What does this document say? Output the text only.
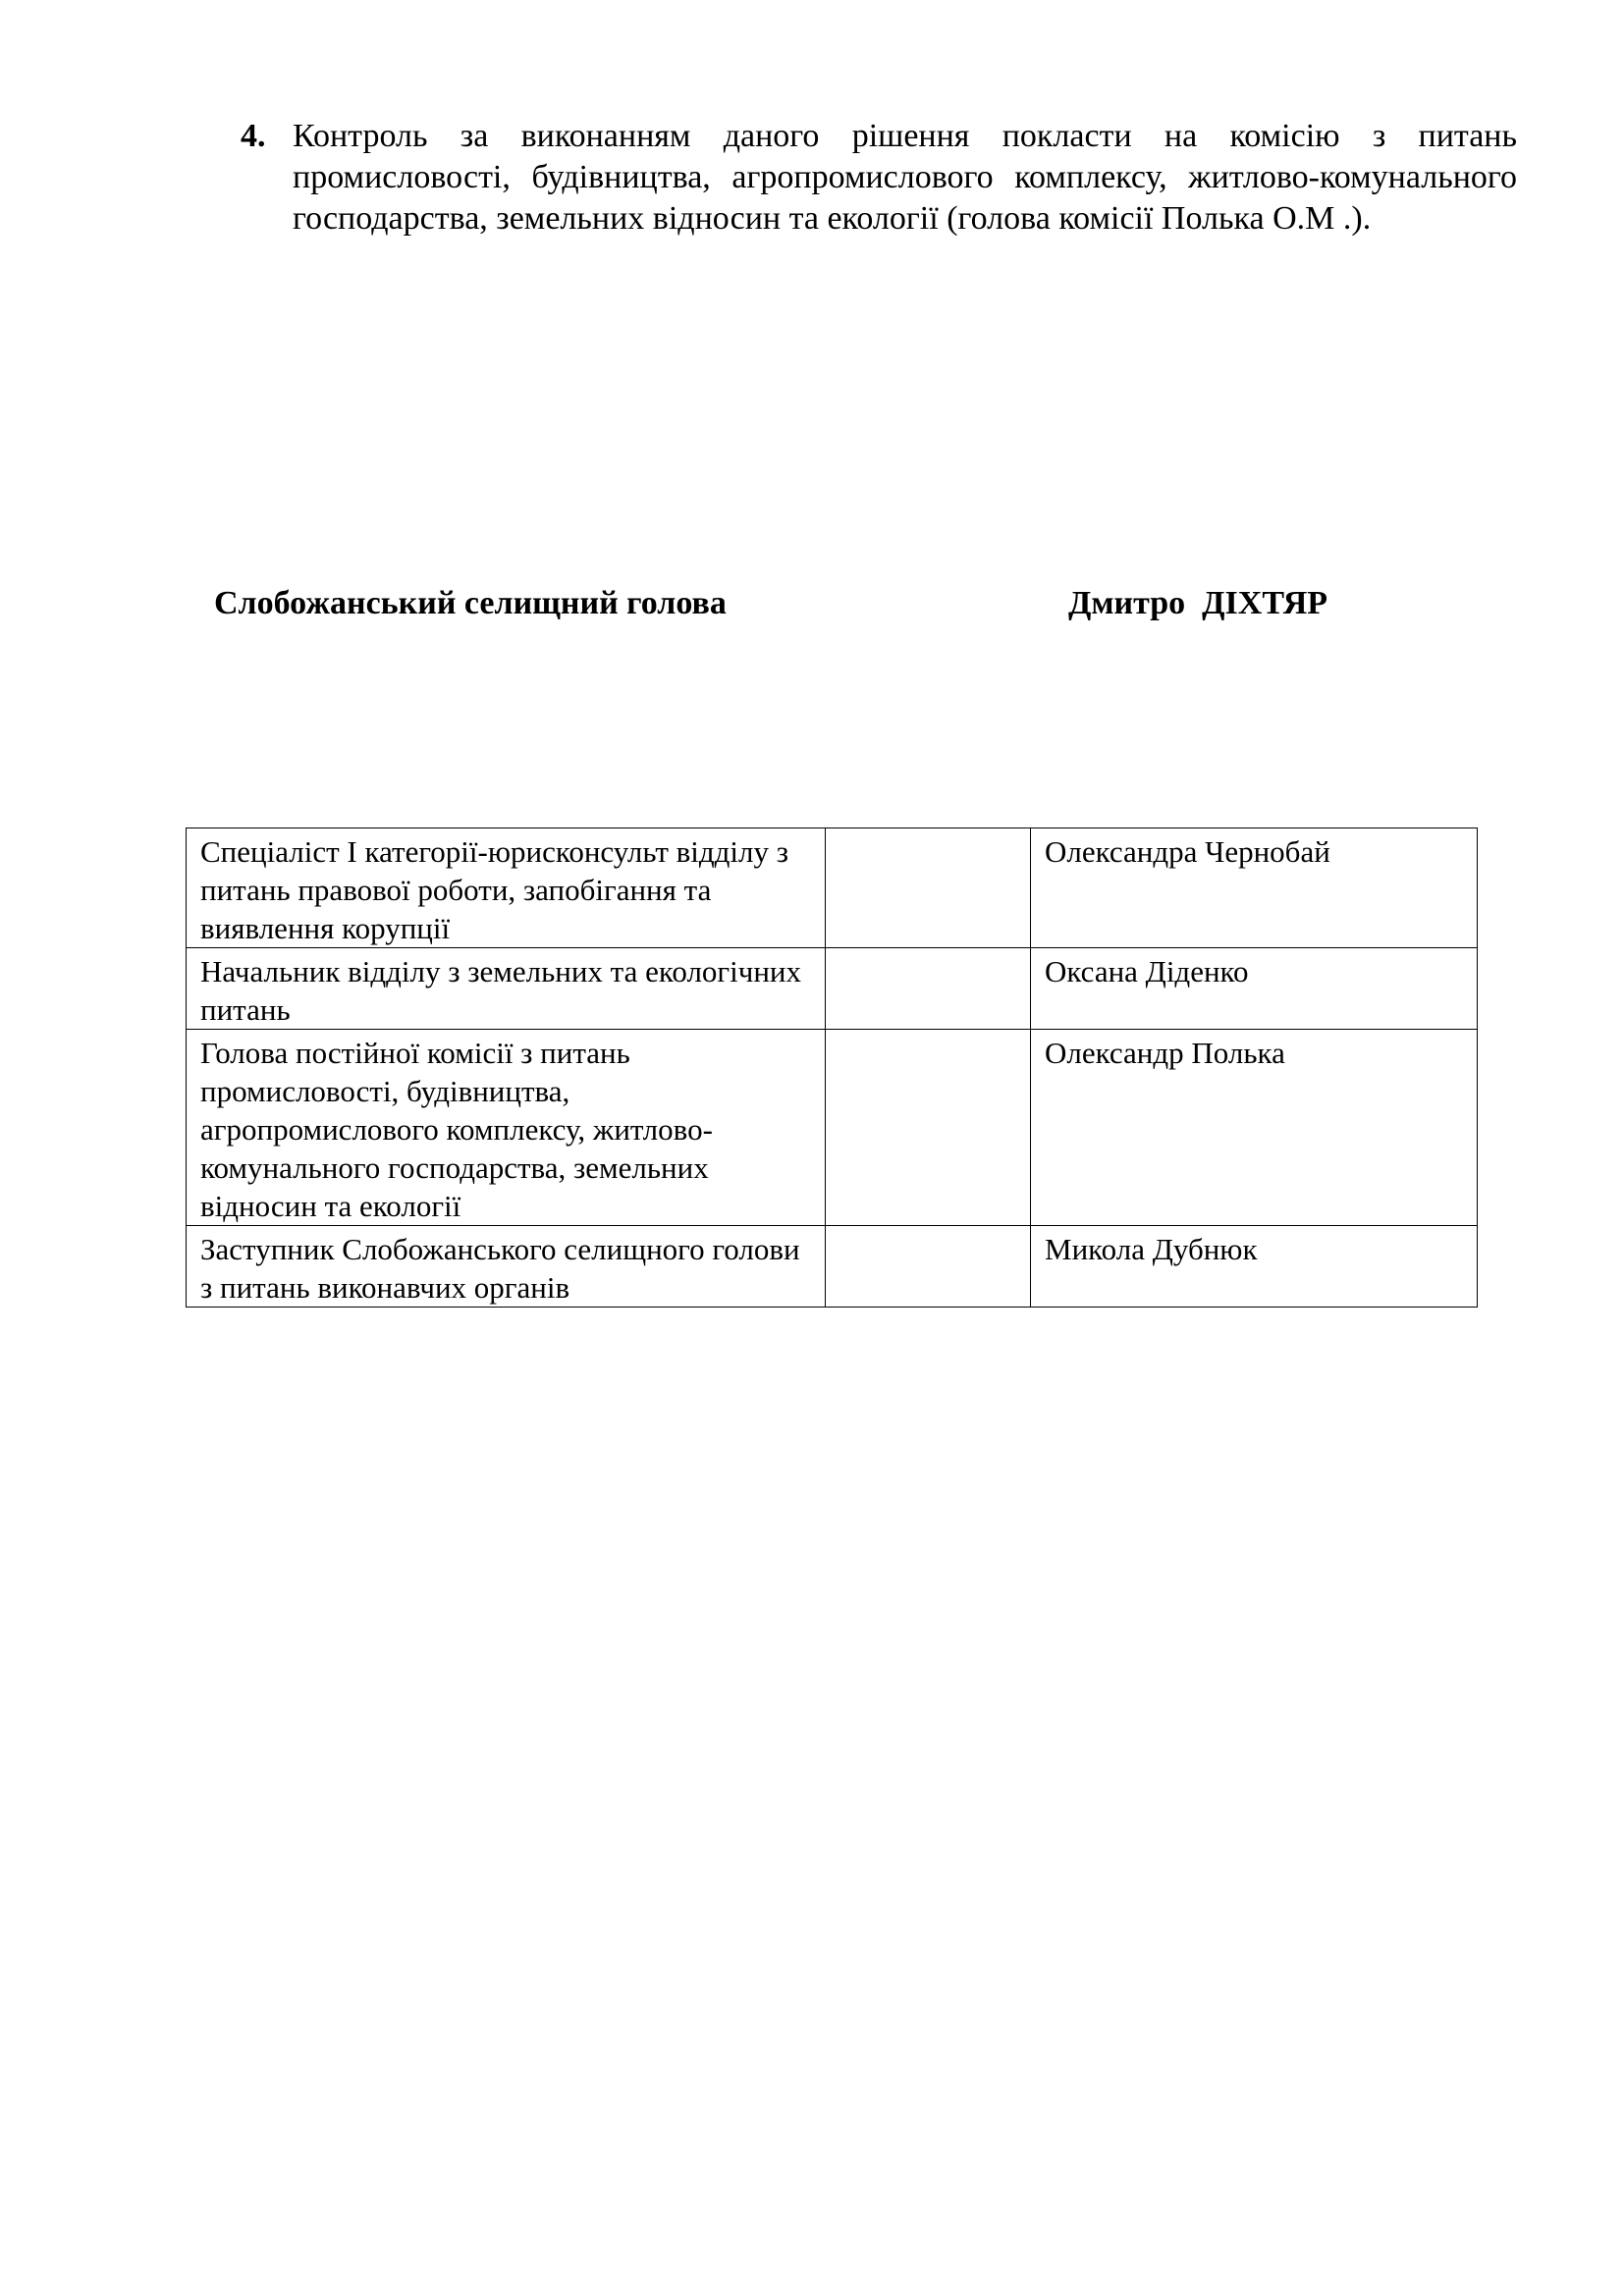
4. Контроль за виконанням даного рішення покласти на комісію з питань промисловості, будівництва, агропромислового комплексу, житлово-комунального господарства, земельних відносин та екології (голова комісії Полька О.М .).
Слобожанський селищний голова	Дмитро  ДІХТЯР
Спеціаліст І категорії-юрисконсульт відділу з питань правової роботи, запобігання та виявлення корупції		Олександра Чернобай
Начальник відділу з земельних та екологічних питань		Оксана Діденко
Голова постійної комісії з питань промисловості, будівництва, агропромислового комплексу, житлово-комунального господарства, земельних відносин та екології		Олександр Полька
Заступник Слобожанського селищного голови з питань виконавчих органів		Микола Дубнюк
